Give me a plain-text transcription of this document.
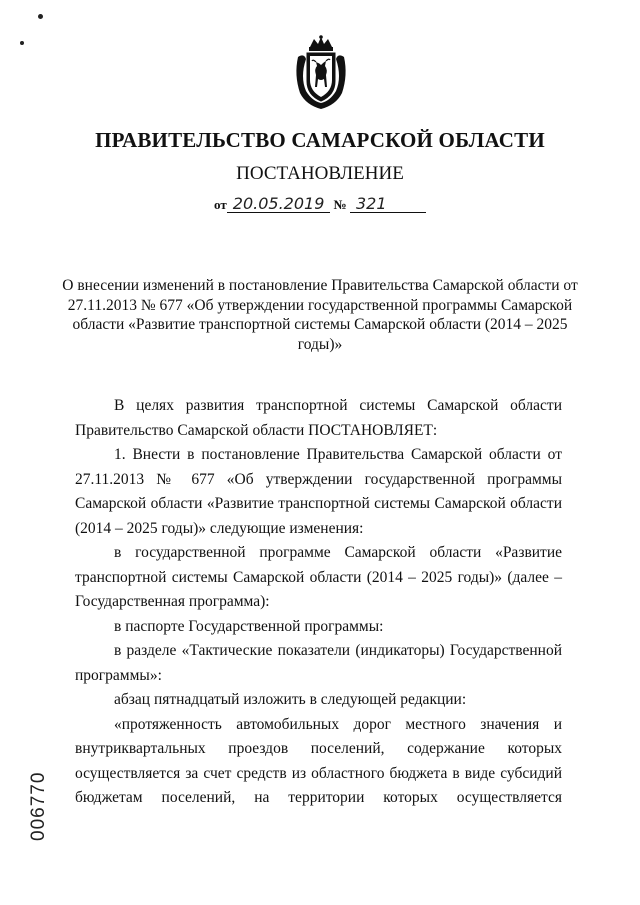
ПРАВИТЕЛЬСТВО САМАРСКОЙ ОБЛАСТИ
ПОСТАНОВЛЕНИЕ
от 20.05.2019 № 321
О внесении изменений в постановление Правительства Самарской области от 27.11.2013 № 677 «Об утверждении государственной программы Самарской области «Развитие транспортной системы Самарской области (2014 – 2025 годы)»

В целях развития транспортной системы Самарской области Правительство Самарской области ПОСТАНОВЛЯЕТ:

1. Внести в постановление Правительства Самарской области от 27.11.2013 № 677 «Об утверждении государственной программы Самарской области «Развитие транспортной системы Самарской области (2014 – 2025 годы)» следующие изменения:

в государственной программе Самарской области «Развитие транспортной системы Самарской области (2014 – 2025 годы)» (далее – Государственная программа):

в паспорте Государственной программы:

в разделе «Тактические показатели (индикаторы) Государственной программы»:

абзац пятнадцатый изложить в следующей редакции:

«протяженность автомобильных дорог местного значения и внутриквартальных проездов поселений, содержание которых осуществляется за счет средств из областного бюджета в виде субсидий бюджетам поселений, на территории которых осуществляется

006770
